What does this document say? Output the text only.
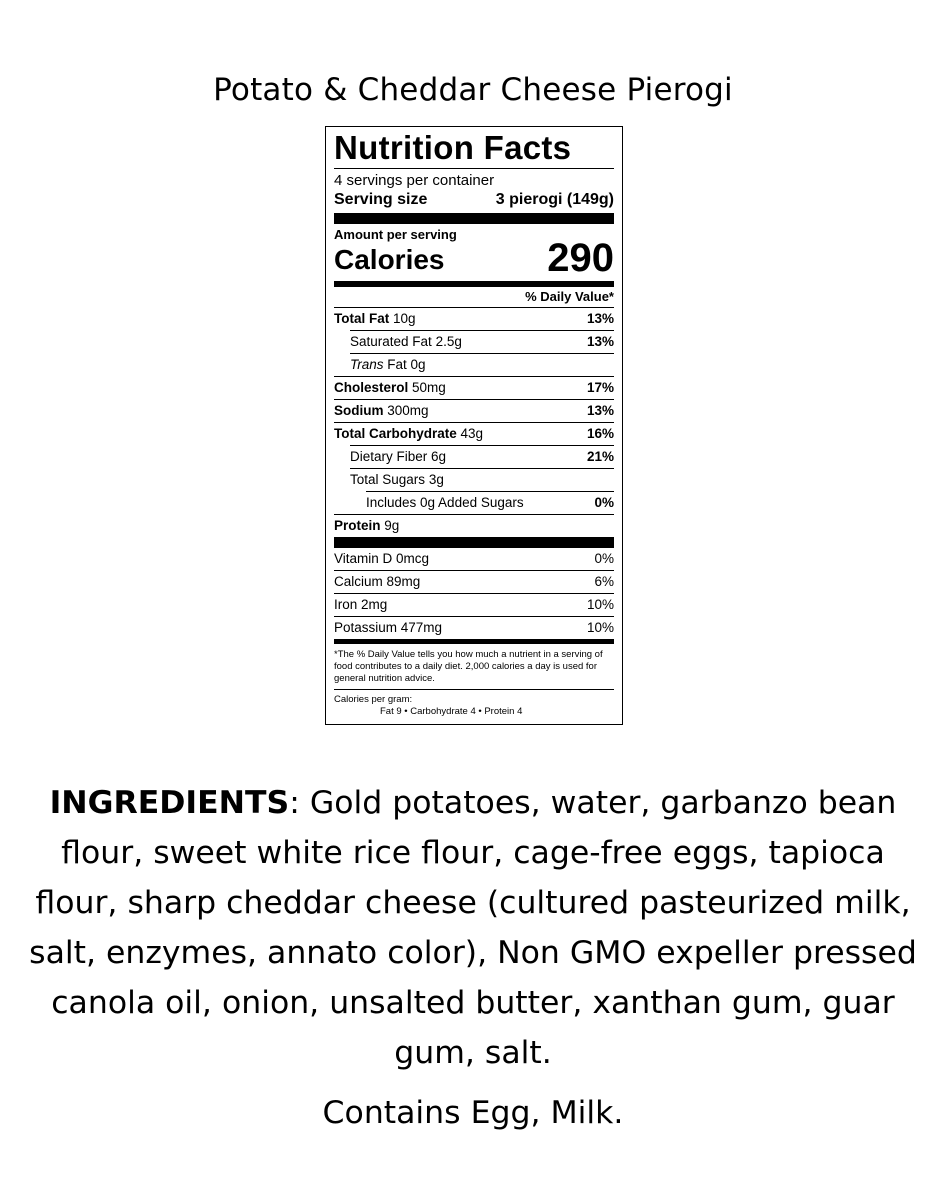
Potato & Cheddar Cheese Pierogi
Nutrition Facts
4 servings per container
Serving size	3 pierogi (149g)
Amount per serving
Calories	290
% Daily Value*
Total Fat 10g	13%
Saturated Fat 2.5g	13%
Trans Fat 0g
Cholesterol 50mg	17%
Sodium 300mg	13%
Total Carbohydrate 43g	16%
Dietary Fiber 6g	21%
Total Sugars 3g
Includes 0g Added Sugars	0%
Protein 9g
Vitamin D 0mcg	0%
Calcium 89mg	6%
Iron 2mg	10%
Potassium 477mg	10%
*The % Daily Value tells you how much a nutrient in a serving of food contributes to a daily diet. 2,000 calories a day is used for general nutrition advice.
Calories per gram:
Fat 9 • Carbohydrate 4 • Protein 4
INGREDIENTS: Gold potatoes, water, garbanzo bean flour, sweet white rice flour, cage-free eggs, tapioca flour, sharp cheddar cheese (cultured pasteurized milk, salt, enzymes, annato color), Non GMO expeller pressed canola oil, onion, unsalted butter, xanthan gum, guar gum, salt.
Contains Egg, Milk.
